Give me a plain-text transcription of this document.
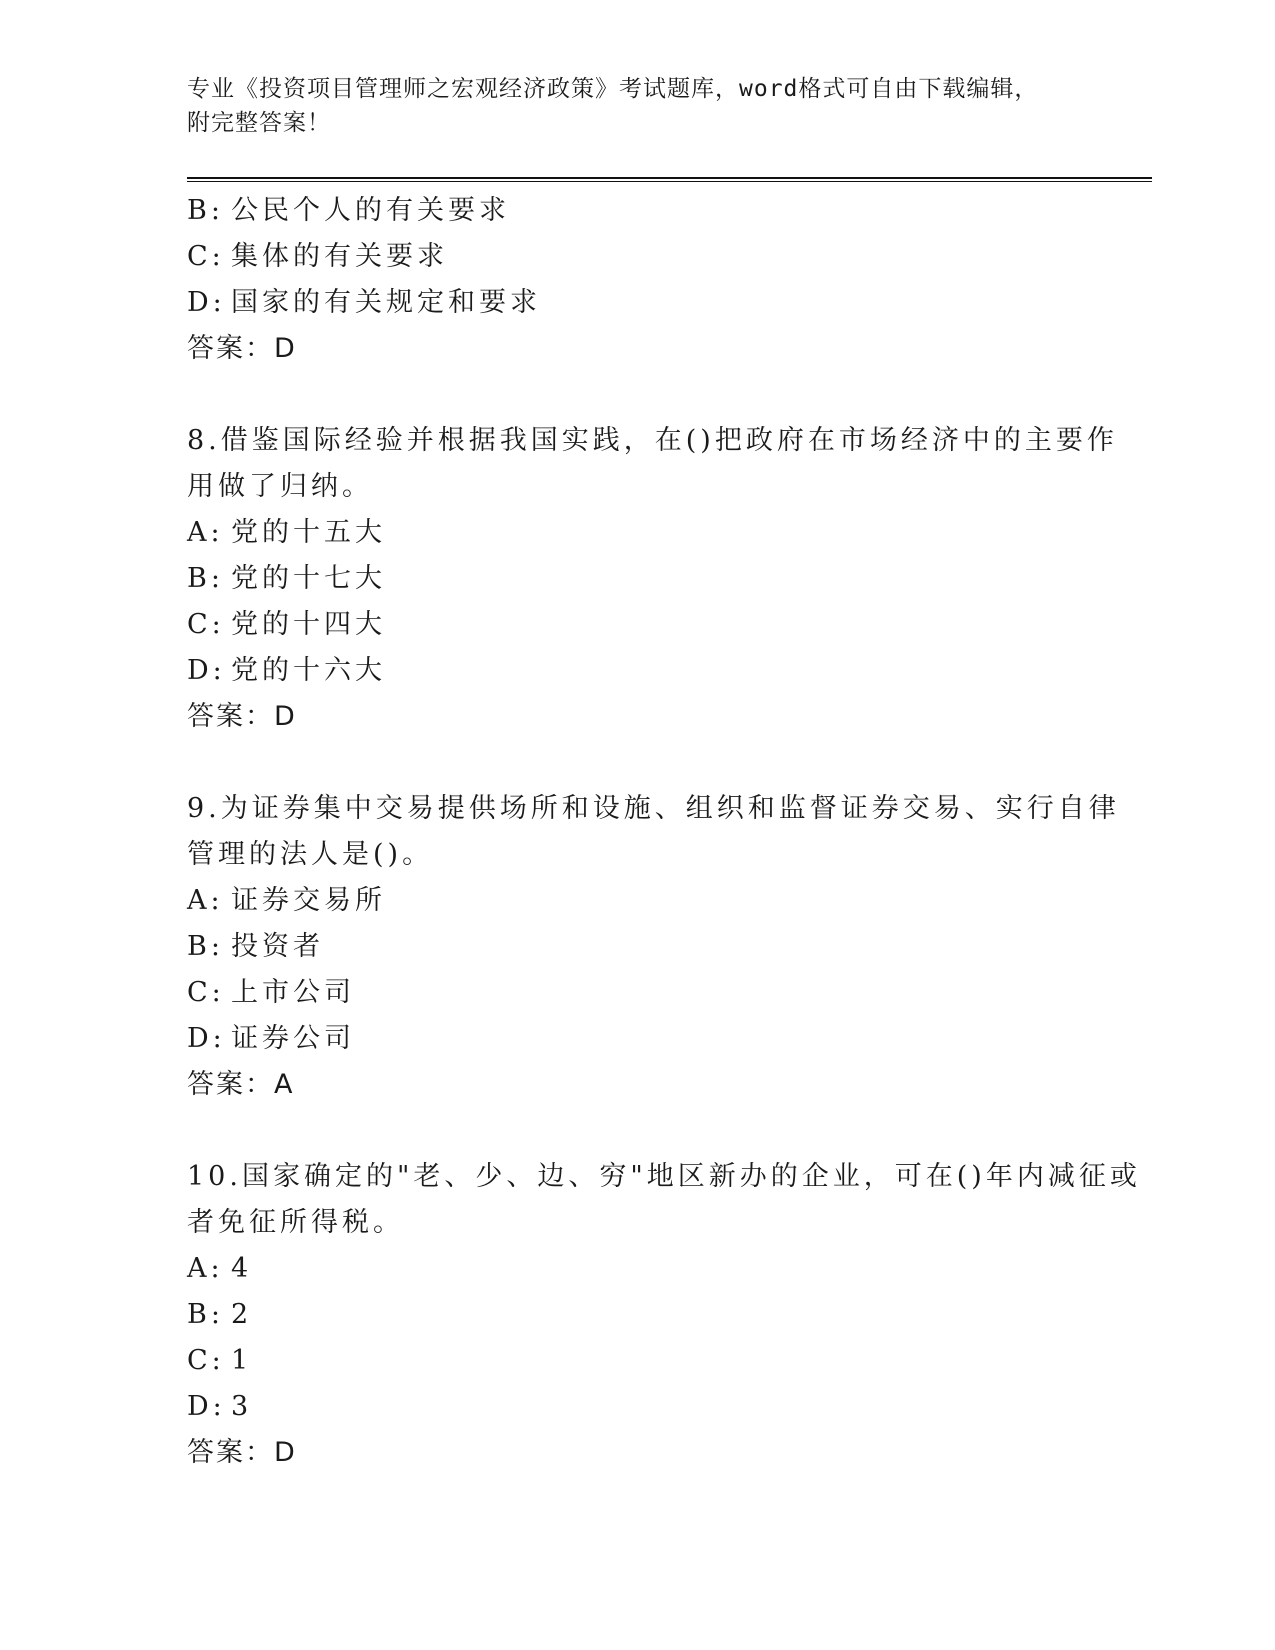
专业《投资项目管理师之宏观经济政策》考试题库，word格式可自由下载编辑，
附完整答案！
B: 公民个人的有关要求
C: 集体的有关要求
D: 国家的有关规定和要求
答案：D
8.借鉴国际经验并根据我国实践，在()把政府在市场经济中的主要作
用做了归纳。
A: 党的十五大
B: 党的十七大
C: 党的十四大
D: 党的十六大
答案：D
9.为证券集中交易提供场所和设施、组织和监督证券交易、实行自律
管理的法人是()。
A: 证券交易所
B: 投资者
C: 上市公司
D: 证券公司
答案：A
10.国家确定的"老、少、边、穷"地区新办的企业，可在()年内减征或
者免征所得税。
A: 4
B: 2
C: 1
D: 3
答案：D
